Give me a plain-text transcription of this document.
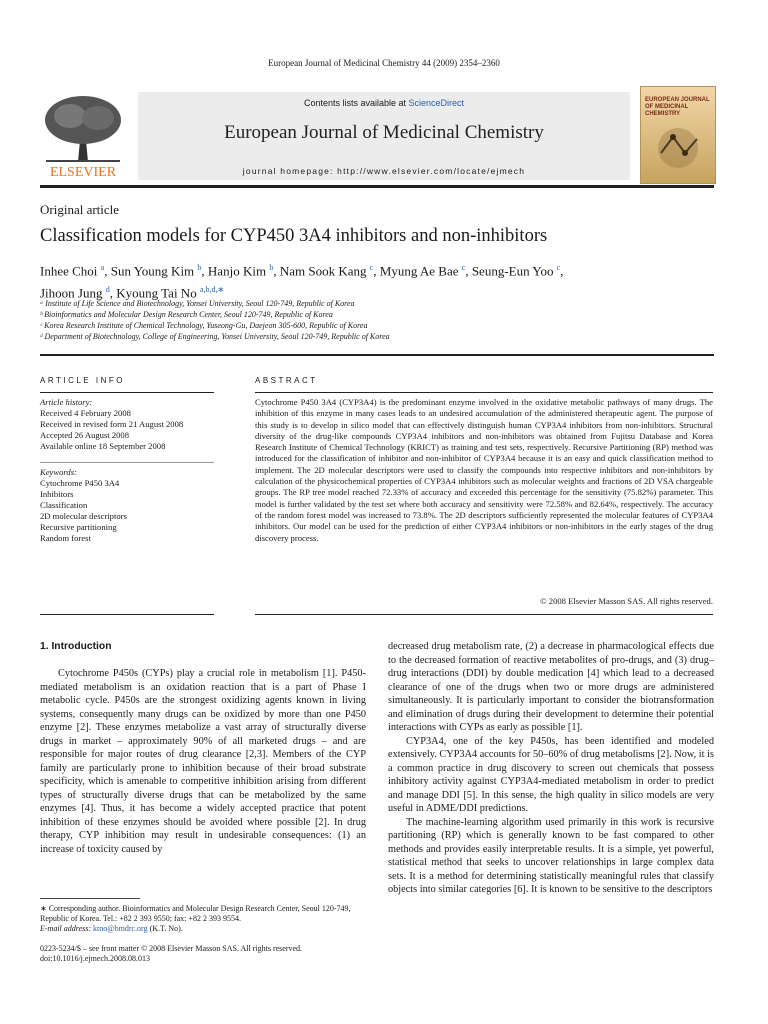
European Journal of Medicinal Chemistry 44 (2009) 2354–2360
ELSEVIER
Contents lists available at ScienceDirect
European Journal of Medicinal Chemistry
journal homepage: http://www.elsevier.com/locate/ejmech
EUROPEAN JOURNAL OF MEDICINAL CHEMISTRY
Original article
Classification models for CYP450 3A4 inhibitors and non-inhibitors
Inhee Choi $^a$, Sun Young Kim $^b$, Hanjo Kim $^b$, Nam Sook Kang $^c$, Myung Ae Bae $^c$, Seung-Eun Yoo $^c$,
Jihoon Jung $^d$, Kyoung Tai No $^{a,b,d,∗}$
ᵃ Institute of Life Science and Biotechnology, Yonsei University, Seoul 120-749, Republic of Korea
ᵇ Bioinformatics and Molecular Design Research Center, Seoul 120-749, Republic of Korea
ᶜ Korea Research Institute of Chemical Technology, Yuseong-Gu, Daejeon 305-600, Republic of Korea
ᵈ Department of Biotechnology, College of Engineering, Yonsei University, Seoul 120-749, Republic of Korea
ARTICLE INFO
Article history:
Received 4 February 2008
Received in revised form 21 August 2008
Accepted 26 August 2008
Available online 18 September 2008
Keywords:
Cytochrome P450 3A4
Inhibitors
Classification
2D molecular descriptors
Recursive partitioning
Random forest
ABSTRACT
Cytochrome P450 3A4 (CYP3A4) is the predominant enzyme involved in the oxidative metabolic pathways of many drugs. The inhibition of this enzyme in many cases leads to an undesired accumulation of the administered therapeutic agent. The purpose of this study is to develop in silico model that can effectively distinguish human CYP3A4 inhibitors from non-inhibitors. Structural diversity of the drug-like compounds CYP3A4 inhibitors and non-inhibitors was obtained from Fujitsu Database and Korea Research Institute of Chemical Technology (KRICT) as training and test sets, respectively. Recursive Partitioning (RP) method was introduced for the classification of inhibitor and non-inhibitor of CYP3A4 because it is an easy and quick classification method to implement. The 2D molecular descriptors were used to classify the compounds into respective inhibitors and non-inhibitors by calculation of the physicochemical properties of CYP3A4 inhibitors such as molecular weights and fractions of 2D VSA chargeable groups. The RP tree model reached 72.33% of accuracy and exceeded this percentage for the sensitivity (75.82%) parameter. This model is further validated by the test set where both accuracy and sensitivity were 72.58% and 82.64%, respectively. The accuracy of the random forest model was increased to 73.8%. The 2D descriptors sufficiently represented the molecular features of CYP3A4 inhibitors. Our model can be used for the prediction of either CYP3A4 inhibitors or non-inhibitors in the early stages of the drug discovery process.
© 2008 Elsevier Masson SAS. All rights reserved.
1. Introduction
Cytochrome P450s (CYPs) play a crucial role in metabolism [1]. P450-mediated metabolism is an oxidation reaction that is a part of Phase I metabolic cycle. P450s are the strongest oxidizing agents known in living systems, consequently many drugs can be oxidized by more than one P450 enzyme [2]. These enzymes metabolize a vast array of structurally diverse drugs in market – approximately 90% of all marketed drugs – and are responsible for major routes of drug clearance [2,3]. Members of the CYP family are particularly prone to inhibition because of their broad substrate specificity, which is amenable to competitive inhibition arising from different types of structurally diverse drugs that can be metabolized by the same enzymes [4]. Thus, it has become a widely accepted practice that potent inhibition of these enzymes should be avoided where possible [2]. In drug therapy, CYP inhibition may result in undesirable consequences: (1) an increase of toxicity caused by
decreased drug metabolism rate, (2) a decrease in pharmacological effects due to the decreased formation of reactive metabolites of pro-drugs, and (3) drug–drug interactions (DDI) by double medication [4] which lead to a decreased clearance of one of the drugs when two or more drugs are administered simultaneously. It is particularly important to consider the biotransformation and elimination of drugs during their development to determine their potential interactions with CYPs as early as possible [1].
CYP3A4, one of the key P450s, has been identified and modeled extensively. CYP3A4 accounts for 50–60% of drug metabolisms [2]. Now, it is a common practice in drug discovery to screen out chemicals that possess inhibitory activity against CYP3A4-mediated metabolism in order to predict and manage DDI [5]. In this sense, the high quality in silico models are very useful in ADME/DDI predictions.
The machine-learning algorithm used primarily in this work is recursive partitioning (RP) which is generally known to be fast compared to other methods and provides easily interpretable results. It is a simple, yet powerful, statistical method that seeks to uncover relationships in large complex data sets. It is a method for determining statistically meaningful rules that classify objects into similar categories [6]. It is known to be sensitive to the descriptors
∗ Corresponding author. Bioinformatics and Molecular Design Research Center, Seoul 120-749, Republic of Korea. Tel.: +82 2 393 9550; fax: +82 2 393 9554.
E-mail address: ktno@bmdrc.org (K.T. No).
0223-5234/$ – see front matter © 2008 Elsevier Masson SAS. All rights reserved.
doi:10.1016/j.ejmech.2008.08.013
